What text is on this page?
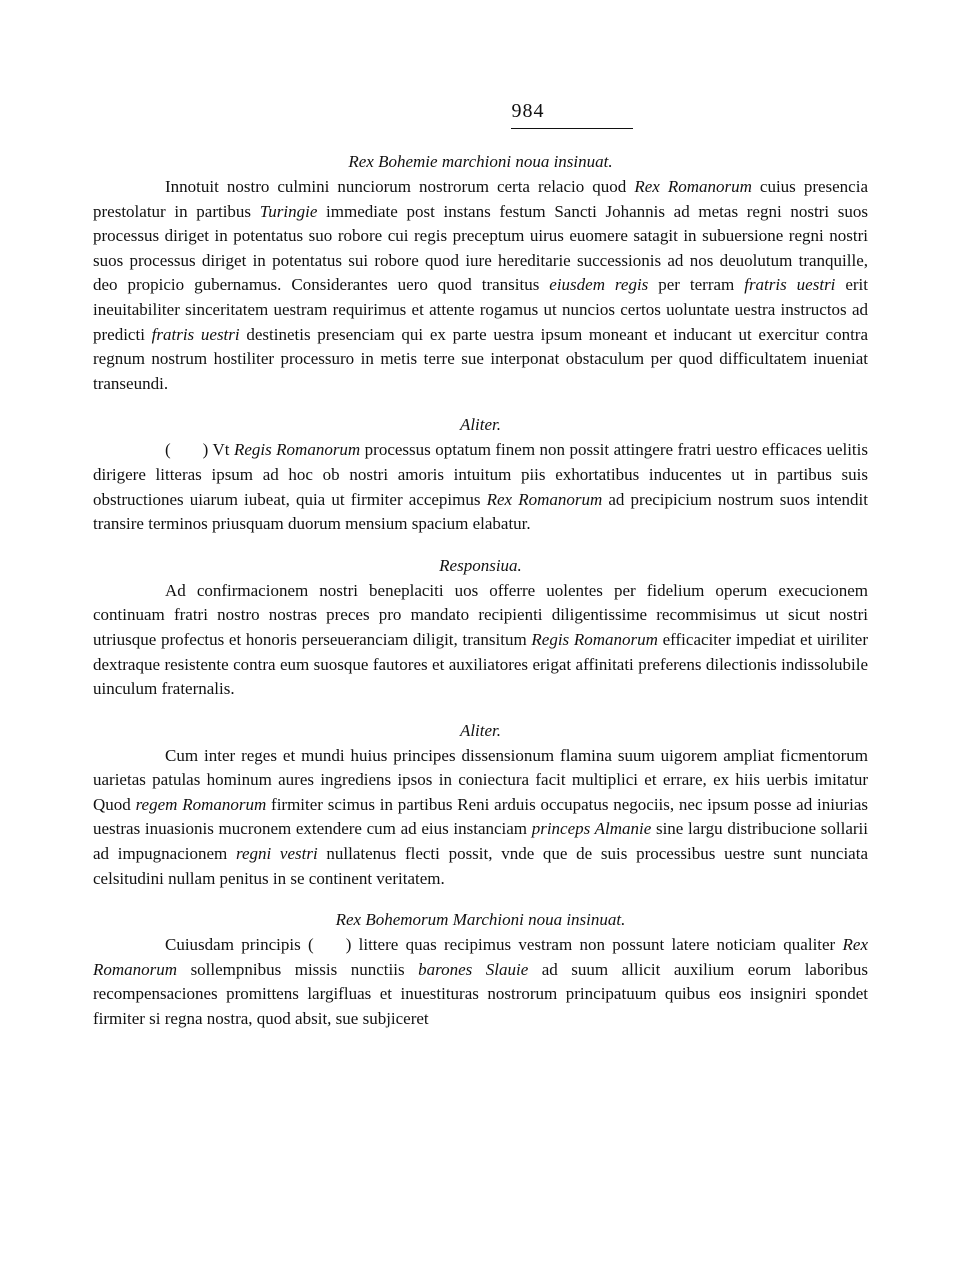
984
Rex Bohemie marchioni noua insinuat.

Innotuit nostro culmini nunciorum nostrorum certa relacio quod Rex Romanorum cuius presencia prestolatur in partibus Turingie immediate post instans festum Sancti Johannis ad metas regni nostri suos processus diriget in potentatus suo robore cui regis preceptum uirus euomere satagit in subuersione regni nostri suos processus diriget in potentatus sui robore quod iure hereditarie successionis ad nos deuolutum tranquille, deo propicio gubernamus. Considerantes uero quod transitus eiusdem regis per terram fratris uestri erit ineuitabiliter sinceritatem uestram requirimus et attente rogamus ut nuncios certos uoluntate uestra instructos ad predicti fratris uestri destinetis presenciam qui ex parte uestra ipsum moneant et inducant ut exercitur contra regnum nostrum hostiliter processuro in metis terre sue interponat obstaculum per quod difficultatem inueniat transeundi.

Aliter.

( ) Vt Regis Romanorum processus optatum finem non possit attingere fratri uestro efficaces uelitis dirigere litteras ipsum ad hoc ob nostri amoris intuitum piis exhortatibus inducentes ut in partibus suis obstructiones uiarum iubeat, quia ut firmiter accepimus Rex Romanorum ad precipicium nostrum suos intendit transire terminos priusquam duorum mensium spacium elabatur.

Responsiua.

Ad confirmacionem nostri beneplaciti uos offerre uolentes per fidelium operum execucionem continuam fratri nostro nostras preces pro mandato recipienti diligentissime recommisimus ut sicut nostri utriusque profectus et honoris perseueranciam diligit, transitum Regis Romanorum efficaciter impediat et uiriliter dextraque resistente contra eum suosque fautores et auxiliatores erigat affinitati preferens dilectionis indissolubile uinculum fraternalis.

Aliter.

Cum inter reges et mundi huius principes dissensionum flamina suum uigorem ampliat ficmentorum uarietas patulas hominum aures ingrediens ipsos in coniectura facit multiplici et errare, ex hiis uerbis imitatur Quod regem Romanorum firmiter scimus in partibus Reni arduis occupatus negociis, nec ipsum posse ad iniurias uestras inuasionis mucronem extendere cum ad eius instanciam princeps Almanie sine largu distribucione sollarii ad impugnacionem regni vestri nullatenus flecti possit, vnde que de suis processibus uestre sunt nunciata celsitudini nullam penitus in se continent veritatem.

Rex Bohemorum Marchioni noua insinuat.

Cuiusdam principis ( ) littere quas recipimus vestram non possunt latere noticiam qualiter Rex Romanorum sollempnibus missis nunctiis barones Slauie ad suum allicit auxilium eorum laboribus recompensaciones promittens largifluas et inuestituras nostrorum principatuum quibus eos insigniri spondet firmiter si regna nostra, quod absit, sue subjiceret
